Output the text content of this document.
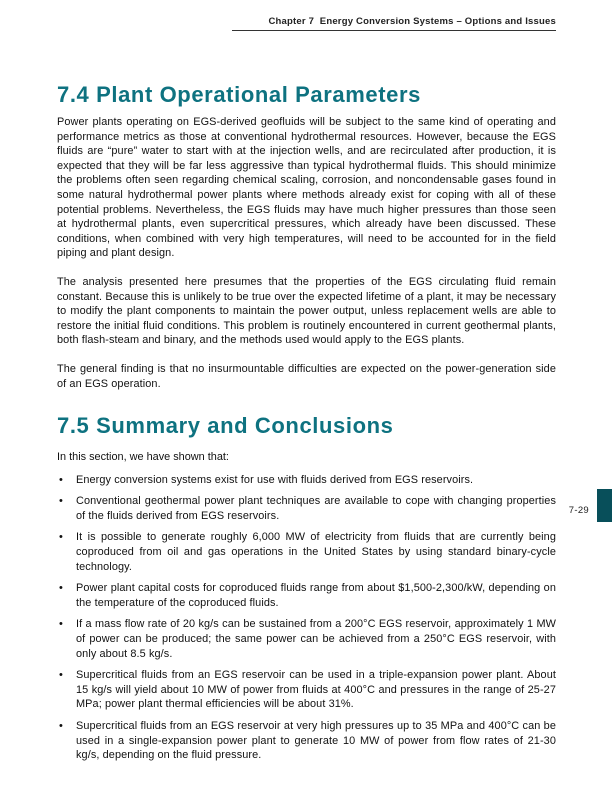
Chapter 7  Energy Conversion Systems – Options and Issues
7.4 Plant Operational Parameters

Power plants operating on EGS-derived geofluids will be subject to the same kind of operating and performance metrics as those at conventional hydrothermal resources. However, because the EGS fluids are “pure” water to start with at the injection wells, and are recirculated after production, it is expected that they will be far less aggressive than typical hydrothermal fluids. This should minimize the problems often seen regarding chemical scaling, corrosion, and noncondensable gases found in some natural hydrothermal power plants where methods already exist for coping with all of these potential problems. Nevertheless, the EGS fluids may have much higher pressures than those seen at hydrothermal plants, even supercritical pressures, which already have been discussed. These conditions, when combined with very high temperatures, will need to be accounted for in the field piping and plant design.

The analysis presented here presumes that the properties of the EGS circulating fluid remain constant. Because this is unlikely to be true over the expected lifetime of a plant, it may be necessary to modify the plant components to maintain the power output, unless replacement wells are able to restore the initial fluid conditions. This problem is routinely encountered in current geothermal plants, both flash-steam and binary, and the methods used would apply to the EGS plants.

The general finding is that no insurmountable difficulties are expected on the power-generation side of an EGS operation.

7.5 Summary and Conclusions

In this section, we have shown that:

• Energy conversion systems exist for use with fluids derived from EGS reservoirs.
• Conventional geothermal power plant techniques are available to cope with changing properties of the fluids derived from EGS reservoirs.
• It is possible to generate roughly 6,000 MW of electricity from fluids that are currently being coproduced from oil and gas operations in the United States by using standard binary-cycle technology.
• Power plant capital costs for coproduced fluids range from about $1,500-2,300/kW, depending on the temperature of the coproduced fluids.
• If a mass flow rate of 20 kg/s can be sustained from a 200°C EGS reservoir, approximately 1 MW of power can be produced; the same power can be achieved from a 250°C EGS reservoir, with only about 8.5 kg/s.
• Supercritical fluids from an EGS reservoir can be used in a triple-expansion power plant. About 15 kg/s will yield about 10 MW of power from fluids at 400°C and pressures in the range of 25-27 MPa; power plant thermal efficiencies will be about 31%.
• Supercritical fluids from an EGS reservoir at very high pressures up to 35 MPa and 400°C can be used in a single-expansion power plant to generate 10 MW of power from flow rates of 21-30 kg/s, depending on the fluid pressure.
7-29
